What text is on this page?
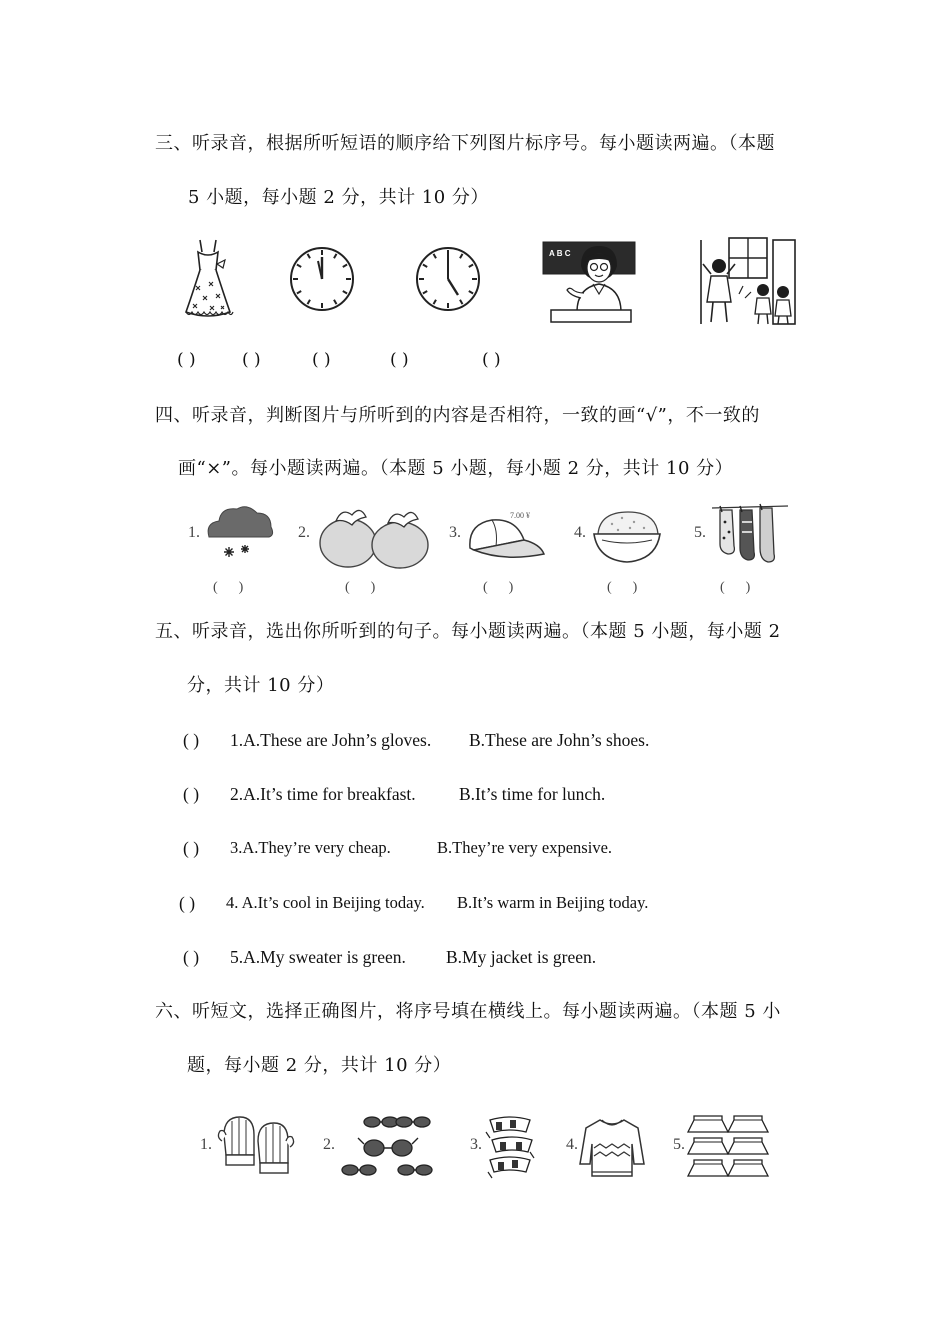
三、听录音，根据所听短语的顺序给下列图片标序号。每小题读两遍。（本题
5 小题，每小题 2 分，共计 10 分）
A B C
( )	( )	( )	( )	( )
四、听录音，判断图片与所听到的内容是否相符，一致的画“√”，不一致的
画“×”。每小题读两遍。（本题 5 小题，每小题 2 分，共计 10 分）
1.
(      )
2.
(      )
3.
7.00 ¥
(      )
4.
(      )
5.
(      )
五、听录音，选出你所听到的句子。每小题读两遍。（本题 5 小题，每小题 2
分，共计 10 分）
( ) 1.A.These are John’s gloves. B.These are John’s shoes.
( ) 2.A.It’s time for breakfast. B.It’s time for lunch.
( ) 3.A.They’re very cheap.	B.They’re very expensive.
( ) 4. A.It’s cool in Beijing today. B.It’s warm in Beijing today.
( ) 5.A.My sweater is green. B.My jacket is green.
六、听短文，选择正确图片，将序号填在横线上。每小题读两遍。（本题 5 小
题，每小题 2 分，共计 10 分）
1.	2.	3.	4.	5.
